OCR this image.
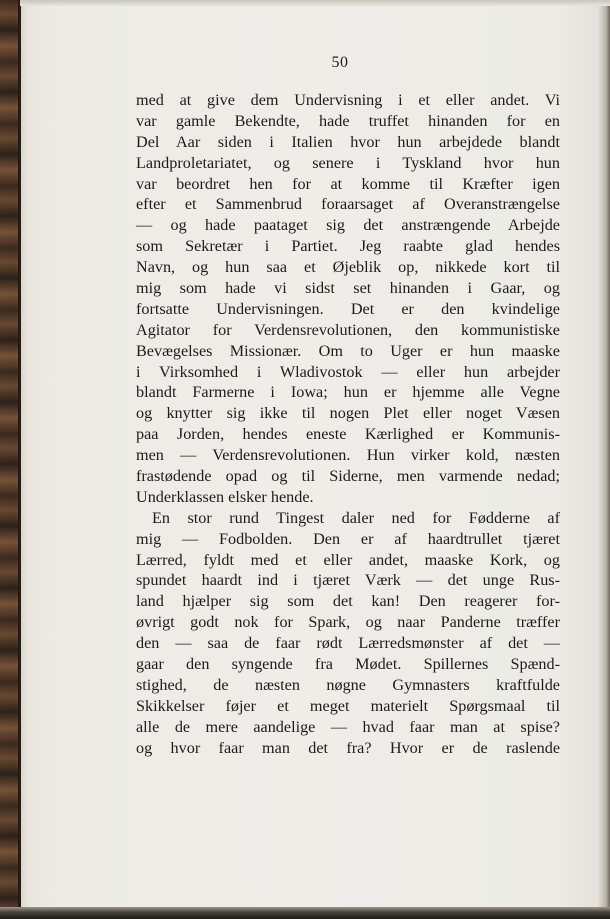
50
med at give dem Undervisning i et eller andet. Vi
var gamle Bekendte, hade truffet hinanden for en
Del Aar siden i Italien hvor hun arbejdede blandt
Landproletariatet, og senere i Tyskland hvor hun
var beordret hen for at komme til Kræfter igen
efter et Sammenbrud foraarsaget af Overanstrængelse
— og hade paataget sig det anstrængende Arbejde
som Sekretær i Partiet. Jeg raabte glad hendes
Navn, og hun saa et Øjeblik op, nikkede kort til
mig som hade vi sidst set hinanden i Gaar, og
fortsatte Undervisningen. Det er den kvindelige
Agitator for Verdensrevolutionen, den kommunistiske
Bevægelses Missionær. Om to Uger er hun maaske
i Virksomhed i Wladivostok — eller hun arbejder
blandt Farmerne i Iowa; hun er hjemme alle Vegne
og knytter sig ikke til nogen Plet eller noget Væsen
paa Jorden, hendes eneste Kærlighed er Kommunis-
men — Verdensrevolutionen. Hun virker kold, næsten
frastødende opad og til Siderne, men varmende nedad;
Underklassen elsker hende.
En stor rund Tingest daler ned for Fødderne af
mig — Fodbolden. Den er af haardtrullet tjæret
Lærred, fyldt med et eller andet, maaske Kork, og
spundet haardt ind i tjæret Værk — det unge Rus-
land hjælper sig som det kan! Den reagerer for-
øvrigt godt nok for Spark, og naar Panderne træffer
den — saa de faar rødt Lærredsmønster af det —
gaar den syngende fra Mødet. Spillernes Spænd-
stighed, de næsten nøgne Gymnasters kraftfulde
Skikkelser føjer et meget materielt Spørgsmaal til
alle de mere aandelige — hvad faar man at spise?
og hvor faar man det fra? Hvor er de raslende
